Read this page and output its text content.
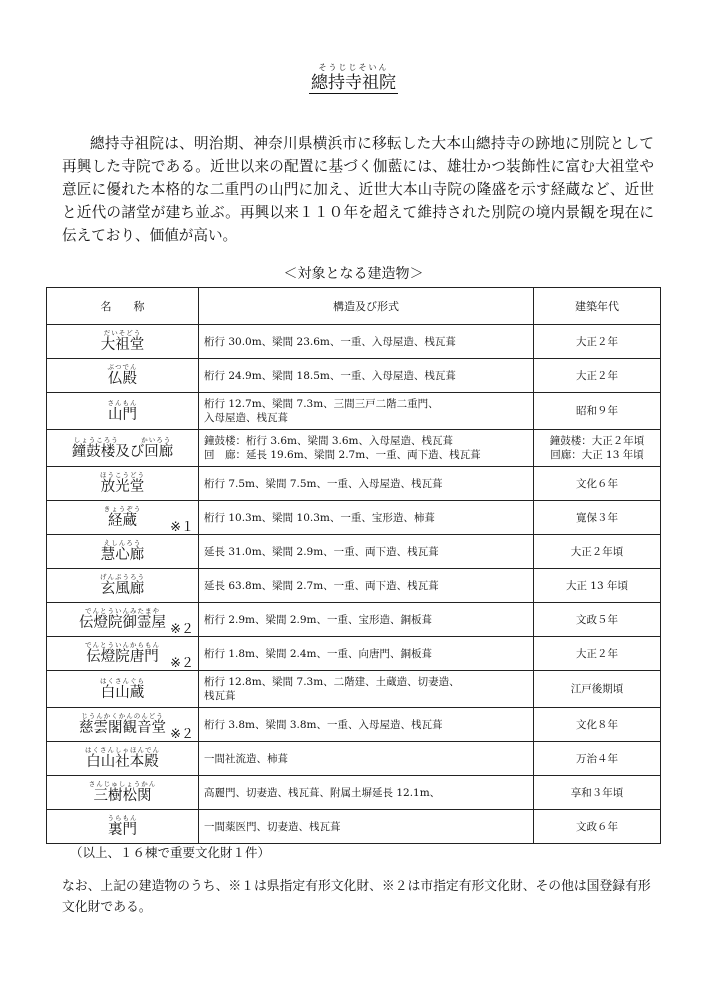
そうじじそいん
總持寺祖院

總持寺祖院は、明治期、神奈川県横浜市に移転した大本山總持寺の跡地に別院として再興した寺院である。近世以来の配置に基づく伽藍には、雄壮かつ装飾性に富む大祖堂や意匠に優れた本格的な二重門の山門に加え、近世大本山寺院の隆盛を示す経蔵など、近世と近代の諸堂が建ち並ぶ。再興以来１１０年を超えて維持された別院の境内景観を現在に伝えており、価値が高い。

＜対象となる建造物＞
名称	構造及び形式	建築年代

だいそどう
大祖堂	桁行 30.0m、梁間 23.6m、一重、入母屋造、桟瓦葺	大正２年

ぶつでん
仏殿	桁行 24.9m、梁間 18.5m、一重、入母屋造、桟瓦葺	大正２年

さんもん
山門	桁行 12.7m、梁間 7.3m、三間三戸二階二重門、
入母屋造、桟瓦葺	昭和９年

しょうころう　　　かいろう
鐘鼓楼及び回廊	鐘鼓楼：桁行 3.6m、梁間 3.6m、入母屋造、桟瓦葺
回　廊：延長 19.6m、梁間 2.7m、一重、両下造、桟瓦葺	鐘鼓楼：大正２年頃
回廊：大正 13 年頃

ほうこうどう
放光堂	桁行 7.5m、梁間 7.5m、一重、入母屋造、桟瓦葺	文化６年

きょうぞう
経蔵 ※１	桁行 10.3m、梁間 10.3m、一重、宝形造、柿葺	寛保３年

えしんろう
慧心廊	延長 31.0m、梁間 2.9m、一重、両下造、桟瓦葺	大正２年頃

げんぷうろう
玄風廊	延長 63.8m、梁間 2.7m、一重、両下造、桟瓦葺	大正 13 年頃

でんとういんみたまや
伝燈院御霊屋 ※２	桁行 2.9m、梁間 2.9m、一重、宝形造、銅板葺	文政５年

でんとういんからもん
伝燈院唐門 ※２	桁行 1.8m、梁間 2.4m、一重、向唐門、銅板葺	大正２年

はくさんぐら
白山蔵	桁行 12.8m、梁間 7.3m、二階建、土蔵造、切妻造、
桟瓦葺	江戸後期頃

じうんかくかんのんどう
慈雲閣観音堂 ※２	桁行 3.8m、梁間 3.8m、一重、入母屋造、桟瓦葺	文化８年

はくさんしゃほんでん
白山社本殿	一間社流造、柿葺	万治４年

さんじゅしょうかん
三樹松関	高麗門、切妻造、桟瓦葺、附属土塀延長 12.1m、	享和３年頃

うらもん
裏門	一間薬医門、切妻造、桟瓦葺	文政６年
（以上、１６棟で重要文化財１件）

なお、上記の建造物のうち、※１は県指定有形文化財、※２は市指定有形文化財、その他は国登録有形文化財である。
